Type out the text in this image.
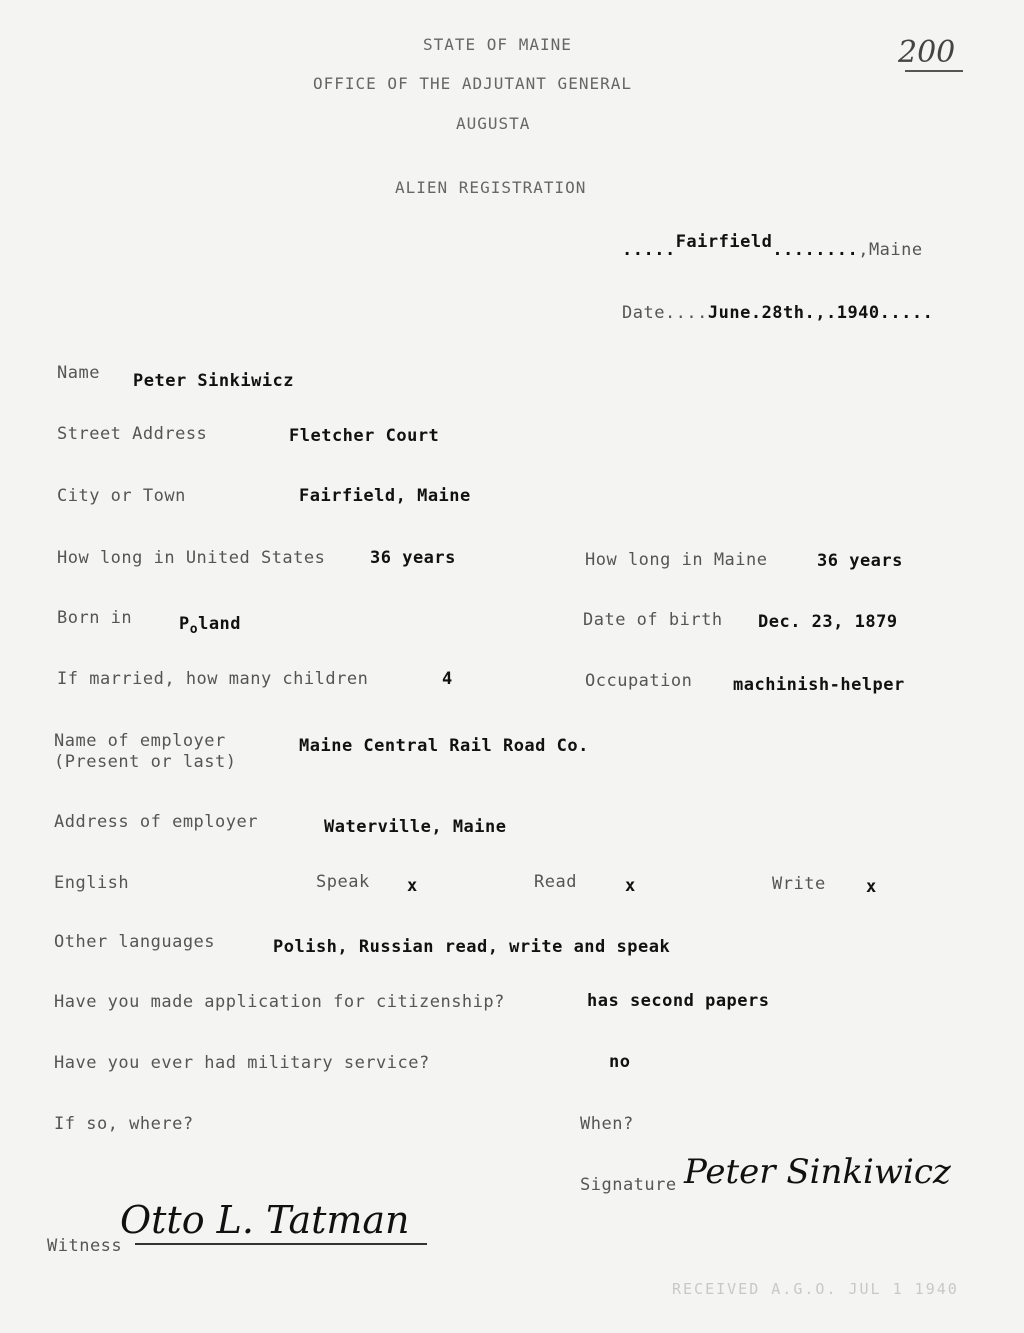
STATE OF MAINE
OFFICE OF THE ADJUTANT GENERAL
AUGUSTA
ALIEN REGISTRATION
200
.....Fairfield........,Maine
Date....June.28th.,.1940.....
Name Peter Sinkiwicz
Street Address	Fletcher Court
City or Town	Fairfield, Maine
How long in United States	36 years	How long in Maine	36 years
Born in	$P_oland$	Date of birth Dec. 23, 1879
If married, how many children	4	Occupation machinish-helper
Name of employer
(Present or last)
Maine Central Rail Road Co.
Address of employer	Waterville, Maine
English	Speak x	Read	x	Write x
Other languages	Polish, Russian read, write and speak
Have you made application for citizenship?	has second papers
Have you ever had military service?	no
If so, where?	When?
Signature Peter Sinkiwicz
Witness
Otto L. Tatman
RECEIVED A.G.O. JUL 1 1940
